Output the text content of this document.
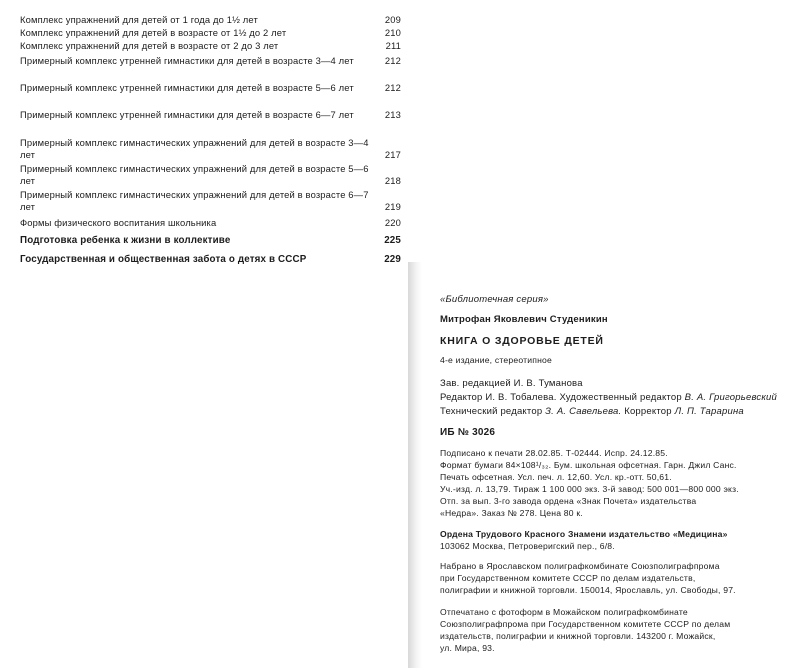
Комплекс упражнений для детей от 1 года до 1½ лет	209
Комплекс упражнений для детей в возрасте от 1½ до 2 лет	210
Комплекс упражнений для детей в возрасте от 2 до 3 лет	211
Примерный комплекс утренней гимнастики для детей в возрасте 3—4 лет	212
Примерный комплекс утренней гимнастики для детей в возрасте 5—6 лет	212
Примерный комплекс утренней гимнастики для детей в возрасте 6—7 лет	213
Примерный комплекс гимнастических упражнений для детей в возрасте 3—4 лет	217
Примерный комплекс гимнастических упражнений для детей в возрасте 5—6 лет	218
Примерный комплекс гимнастических упражнений для детей в возрасте 6—7 лет	219
Формы физического воспитания школьника	220
Подготовка ребенка к жизни в коллективе	225
Государственная и общественная забота о детях в СССР	229
«Библиотечная серия»
Митрофан Яковлевич Студеникин
КНИГА О ЗДОРОВЬЕ ДЕТЕЙ
4-е издание, стереотипное
Зав. редакцией И. В. Туманова
Редактор И. В. Тобалева. Художественный редактор В. А. Григорьевский
Технический редактор З. А. Савельева. Корректор Л. П. Тарарина
ИБ № 3026
Подписано к печати 28.02.85. Т-02444. Испр. 24.12.85.
Формат бумаги 84×108¹/₃₂. Бум. школьная офсетная. Гарн. Джил Санс.
Печать офсетная. Усл. печ. л. 12,60. Усл. кр.-отт. 50,61.
Уч.-изд. л. 13,79. Тираж 1 100 000 экз. 3-й завод: 500 001—800 000 экз.
Отп. за вып. 3-го завода ордена «Знак Почета» издательства
«Недра». Заказ № 278. Цена 80 к.
Ордена Трудового Красного Знамени издательство «Медицина»
103062 Москва, Петроверигский пер., 6/8.
Набрано в Ярославском полиграфкомбинате Союзполиграфпрома
при Государственном комитете СССР по делам издательств,
полиграфии и книжной торговли. 150014, Ярославль, ул. Свободы, 97.
Отпечатано с фотоформ в Можайском полиграфкомбинате
Союзполиграфпрома при Государственном комитете СССР по делам
издательств, полиграфии и книжной торговли. 143200 г. Можайск,
ул. Мира, 93.
